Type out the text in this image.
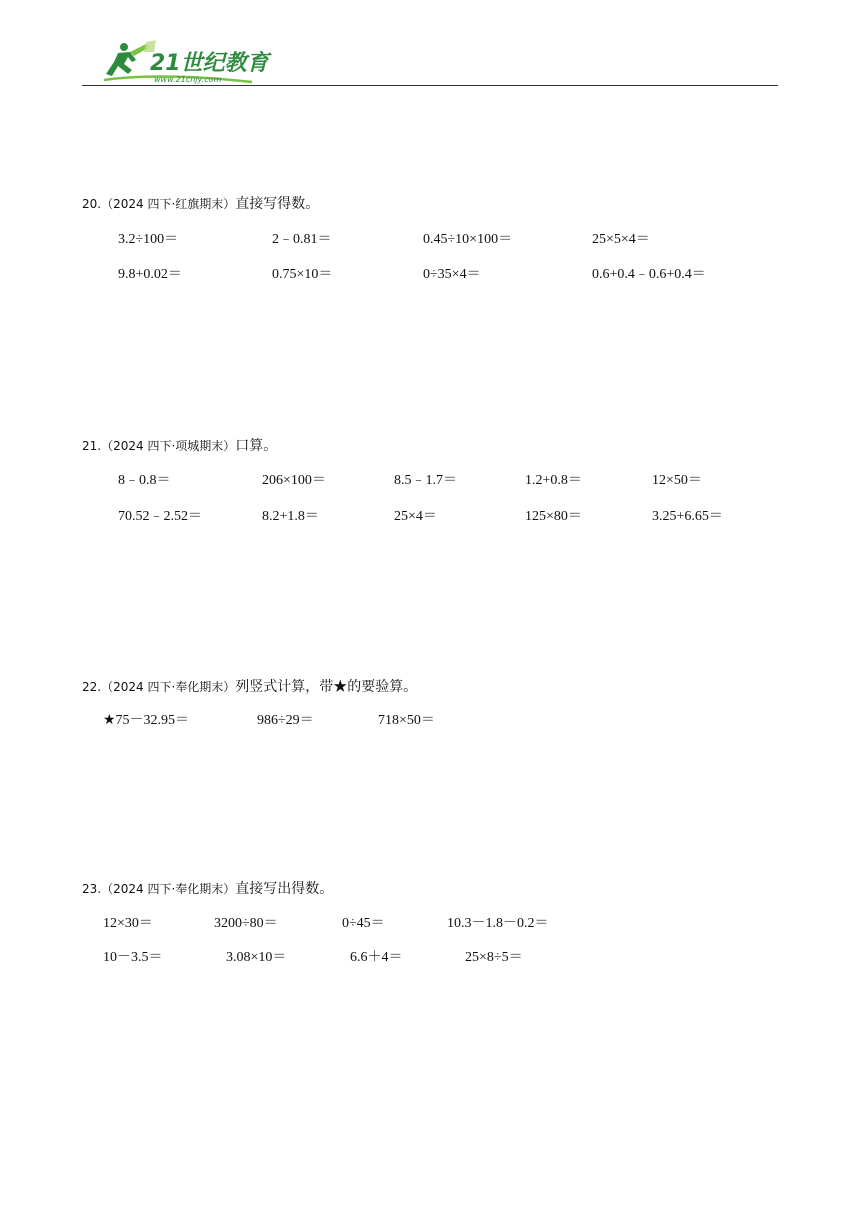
21世纪教育
www.21cnjy.com
20.（2024 四下·红旗期末）直接写得数。
3.2÷100＝	2﹣0.81＝	0.45÷10×100＝	25×5×4＝
9.8+0.02＝	0.75×10＝	0÷35×4＝	0.6+0.4﹣0.6+0.4＝
21.（2024 四下·项城期末）口算。
8﹣0.8＝	206×100＝	8.5﹣1.7＝	1.2+0.8＝	12×50＝
70.52﹣2.52＝	8.2+1.8＝	25×4＝	125×80＝	3.25+6.65＝
22.（2024 四下·奉化期末）列竖式计算，带★的要验算。
★75－32.95＝	986÷29＝	718×50＝
23.（2024 四下·奉化期末）直接写出得数。
12×30＝	3200÷80＝	0÷45＝	10.3－1.8－0.2＝
10－3.5＝	3.08×10＝	6.6＋4＝	25×8÷5＝
